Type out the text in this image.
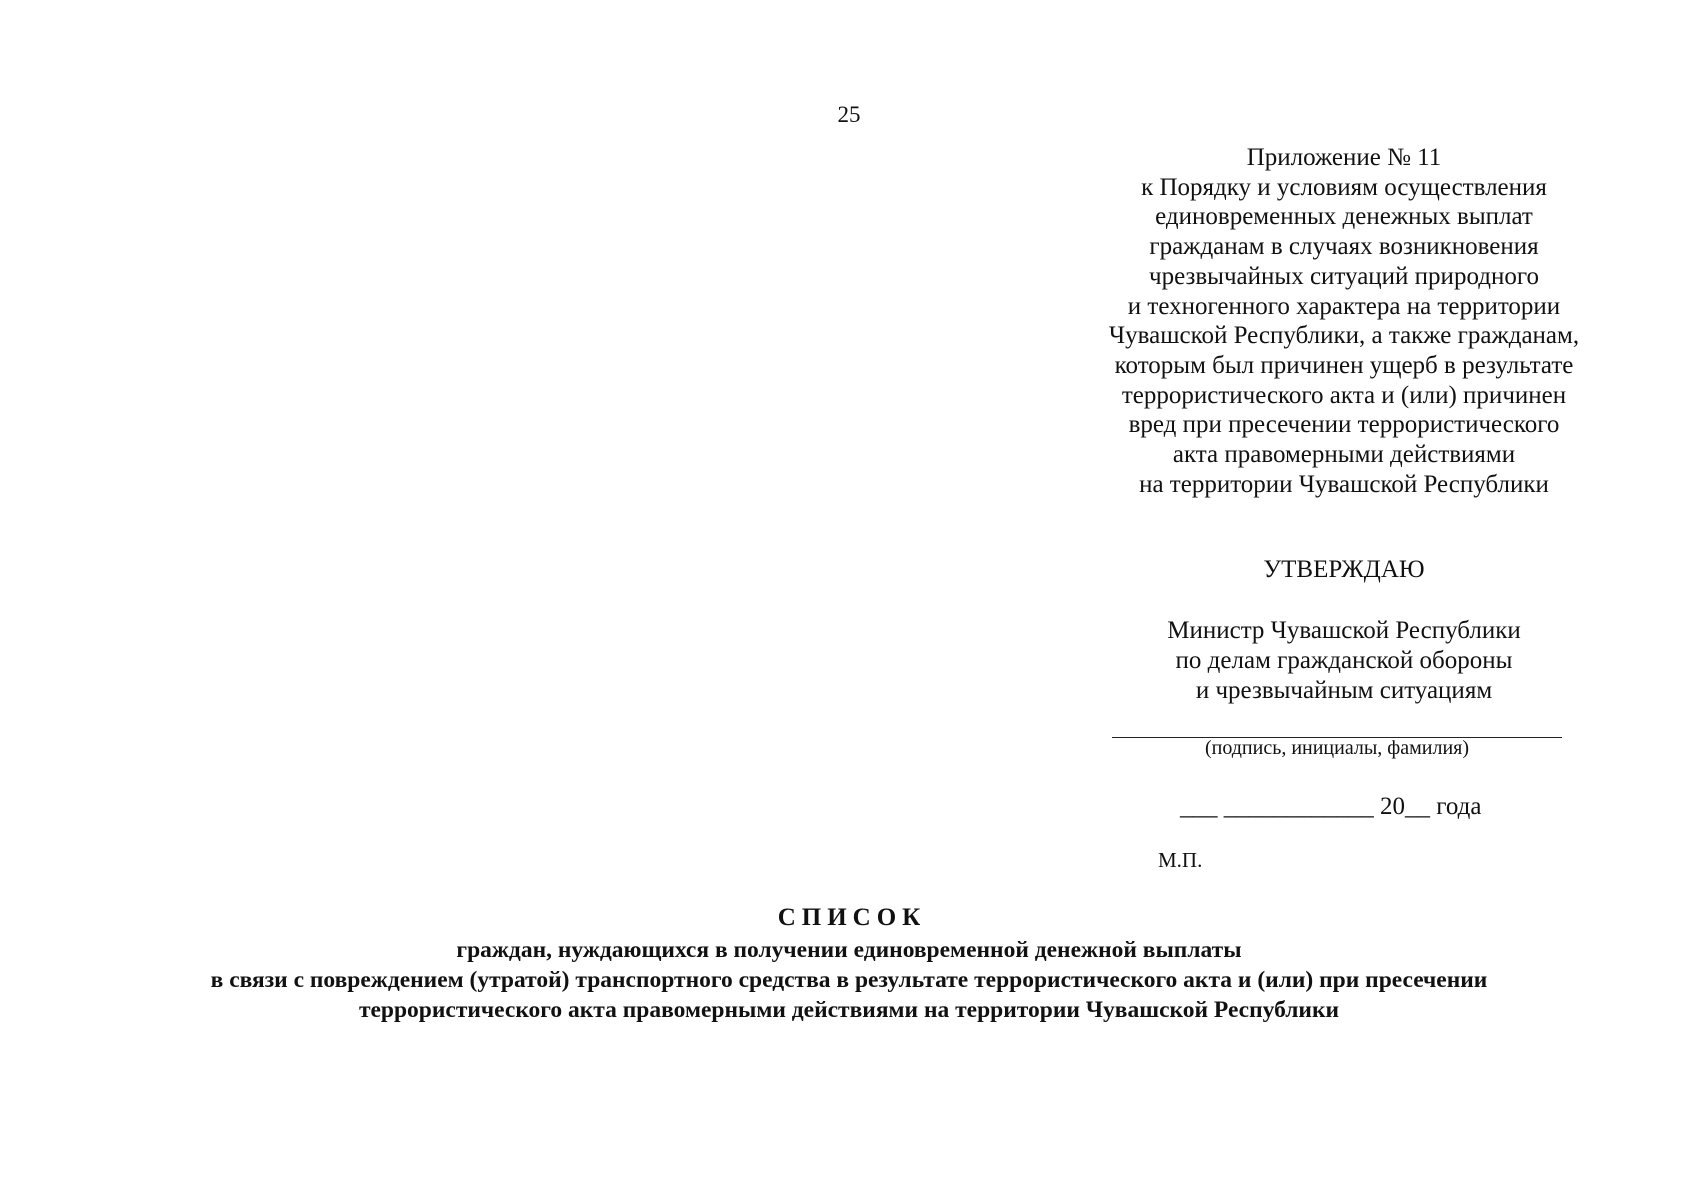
25
Приложение № 11
к Порядку и условиям осуществления
единовременных денежных выплат
гражданам в случаях возникновения
чрезвычайных ситуаций природного
и техногенного характера на территории
Чувашской Республики, а также гражданам,
которым был причинен ущерб в результате
террористического акта и (или) причинен
вред при пресечении террористического
акта правомерными действиями
на территории Чувашской Республики
УТВЕРЖДАЮ
Министр Чувашской Республики
по делам гражданской обороны
и чрезвычайным ситуациям
(подпись, инициалы, фамилия)
___ ____________ 20__ года
М.П.
СПИСОК
граждан, нуждающихся в получении единовременной денежной выплаты
в связи с повреждением (утратой) транспортного средства в результате террористического акта и (или) при пресечении
террористического акта правомерными действиями на территории Чувашской Республики
